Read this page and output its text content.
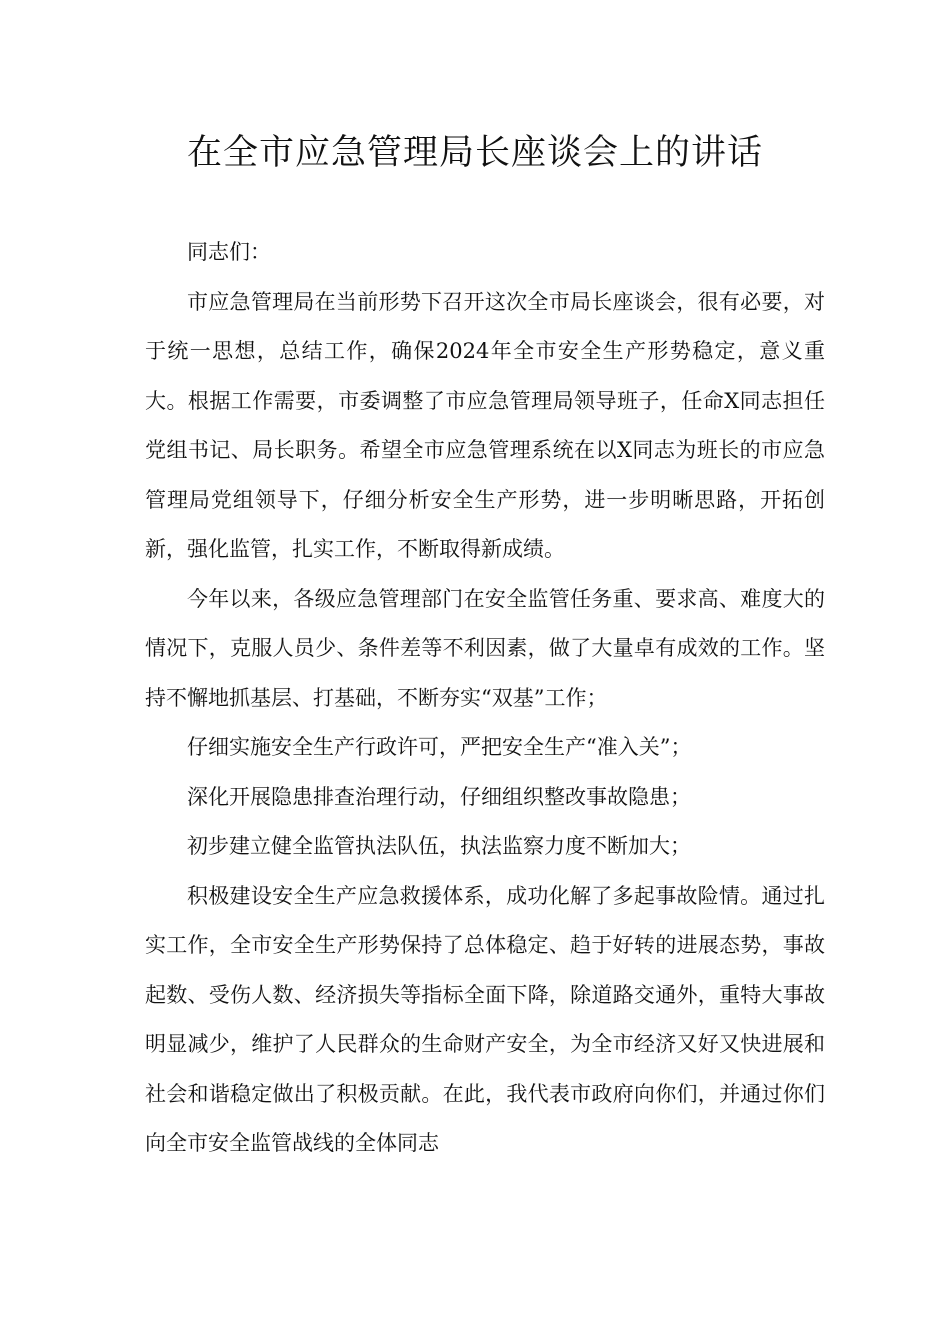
在全市应急管理局长座谈会上的讲话

同志们：

市应急管理局在当前形势下召开这次全市局长座谈会，很有必要，对于统一思想，总结工作，确保2024年全市安全生产形势稳定，意义重大。根据工作需要，市委调整了市应急管理局领导班子，任命X同志担任党组书记、局长职务。希望全市应急管理系统在以X同志为班长的市应急管理局党组领导下，仔细分析安全生产形势，进一步明晰思路，开拓创新，强化监管，扎实工作，不断取得新成绩。

今年以来，各级应急管理部门在安全监管任务重、要求高、难度大的情况下，克服人员少、条件差等不利因素，做了大量卓有成效的工作。坚持不懈地抓基层、打基础，不断夯实“双基”工作；

仔细实施安全生产行政许可，严把安全生产“准入关”；

深化开展隐患排查治理行动，仔细组织整改事故隐患；

初步建立健全监管执法队伍，执法监察力度不断加大；

积极建设安全生产应急救援体系，成功化解了多起事故险情。通过扎实工作，全市安全生产形势保持了总体稳定、趋于好转的进展态势，事故起数、受伤人数、经济损失等指标全面下降，除道路交通外，重特大事故明显减少，维护了人民群众的生命财产安全，为全市经济又好又快进展和社会和谐稳定做出了积极贡献。在此，我代表市政府向你们，并通过你们向全市安全监管战线的全体同志
